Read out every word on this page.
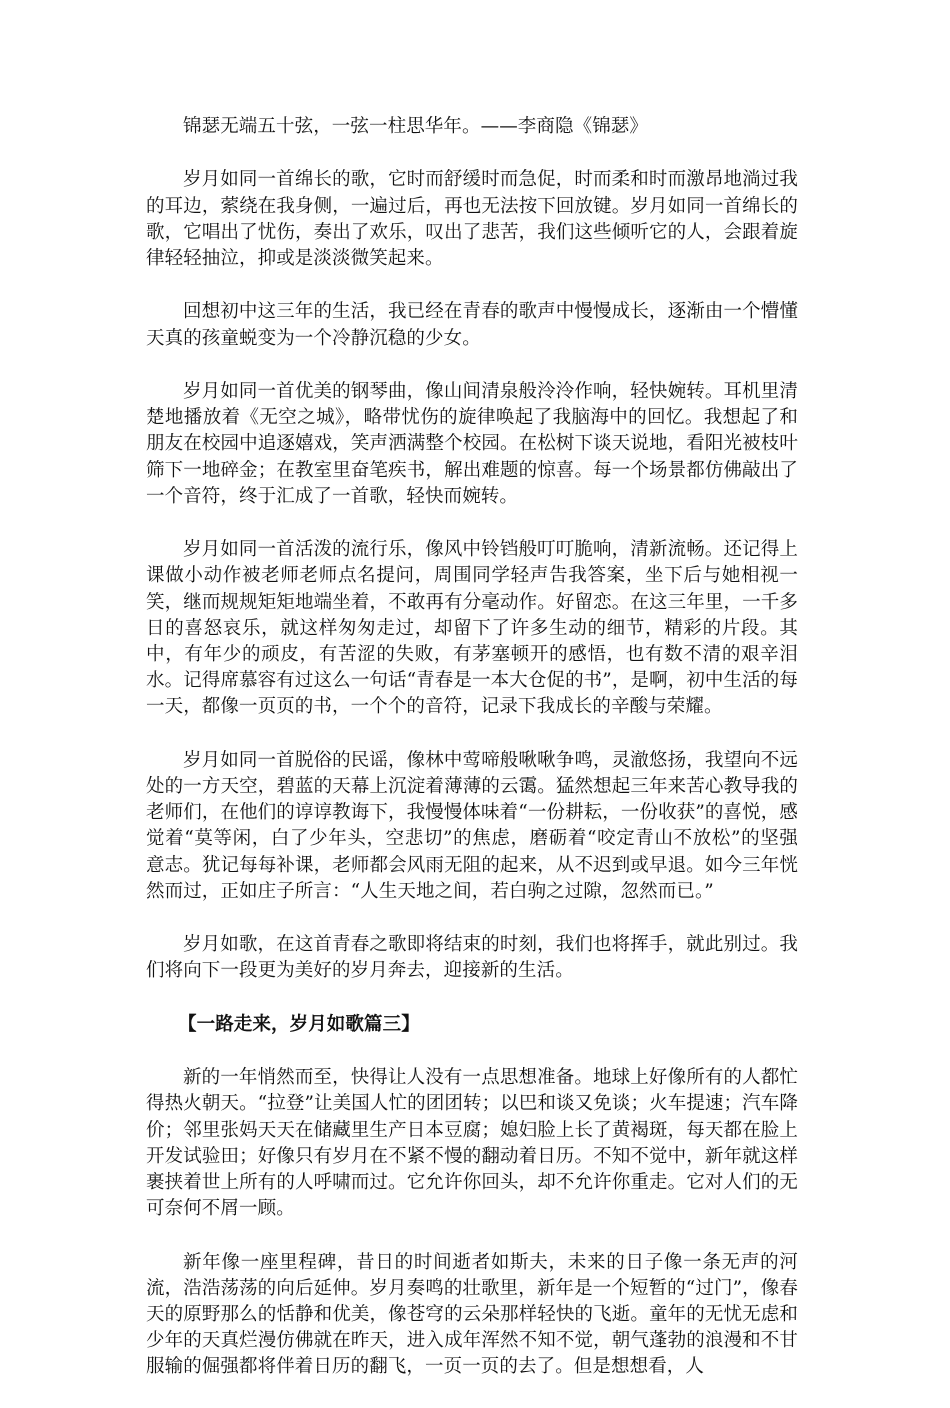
锦瑟无端五十弦，一弦一柱思华年。——李商隐《锦瑟》

岁月如同一首绵长的歌，它时而舒缓时而急促，时而柔和时而激昂地淌过我的耳边，萦绕在我身侧，一遍过后，再也无法按下回放键。岁月如同一首绵长的歌，它唱出了忧伤，奏出了欢乐，叹出了悲苦，我们这些倾听它的人，会跟着旋律轻轻抽泣，抑或是淡淡微笑起来。

回想初中这三年的生活，我已经在青春的歌声中慢慢成长，逐渐由一个懵懂天真的孩童蜕变为一个冷静沉稳的少女。

岁月如同一首优美的钢琴曲，像山间清泉般泠泠作响，轻快婉转。耳机里清楚地播放着《无空之城》，略带忧伤的旋律唤起了我脑海中的回忆。我想起了和朋友在校园中追逐嬉戏，笑声洒满整个校园。在松树下谈天说地，看阳光被枝叶筛下一地碎金；在教室里奋笔疾书，解出难题的惊喜。每一个场景都仿佛敲出了一个音符，终于汇成了一首歌，轻快而婉转。

岁月如同一首活泼的流行乐，像风中铃铛般叮叮脆响，清新流畅。还记得上课做小动作被老师老师点名提问，周围同学轻声告我答案，坐下后与她相视一笑，继而规规矩矩地端坐着，不敢再有分毫动作。好留恋。在这三年里，一千多日的喜怒哀乐，就这样匆匆走过，却留下了许多生动的细节，精彩的片段。其中，有年少的顽皮，有苦涩的失败，有茅塞顿开的感悟，也有数不清的艰辛泪水。记得席慕容有过这么一句话“青春是一本大仓促的书”，是啊，初中生活的每一天，都像一页页的书，一个个的音符，记录下我成长的辛酸与荣耀。

岁月如同一首脱俗的民谣，像林中莺啼般啾啾争鸣，灵澈悠扬，我望向不远处的一方天空，碧蓝的天幕上沉淀着薄薄的云霭。猛然想起三年来苦心教导我的老师们，在他们的谆谆教诲下，我慢慢体味着“一份耕耘，一份收获”的喜悦，感觉着“莫等闲，白了少年头，空悲切”的焦虑，磨砺着“咬定青山不放松”的坚强意志。犹记每每补课，老师都会风雨无阻的起来，从不迟到或早退。如今三年恍然而过，正如庄子所言：“人生天地之间，若白驹之过隙，忽然而已。”

岁月如歌，在这首青春之歌即将结束的时刻，我们也将挥手，就此别过。我们将向下一段更为美好的岁月奔去，迎接新的生活。

【一路走来，岁月如歌篇三】

新的一年悄然而至，快得让人没有一点思想准备。地球上好像所有的人都忙得热火朝天。“拉登”让美国人忙的团团转；以巴和谈又免谈；火车提速；汽车降价；邻里张妈天天在储藏里生产日本豆腐；媳妇脸上长了黄褐斑，每天都在脸上开发试验田；好像只有岁月在不紧不慢的翻动着日历。不知不觉中，新年就这样裹挟着世上所有的人呼啸而过。它允许你回头，却不允许你重走。它对人们的无可奈何不屑一顾。

新年像一座里程碑，昔日的时间逝者如斯夫，未来的日子像一条无声的河流，浩浩荡荡的向后延伸。岁月奏鸣的壮歌里，新年是一个短暂的“过门”，像春天的原野那么的恬静和优美，像苍穹的云朵那样轻快的飞逝。童年的无忧无虑和少年的天真烂漫仿佛就在昨天，进入成年浑然不知不觉，朝气蓬勃的浪漫和不甘服输的倔强都将伴着日历的翻飞，一页一页的去了。但是想想看，人
